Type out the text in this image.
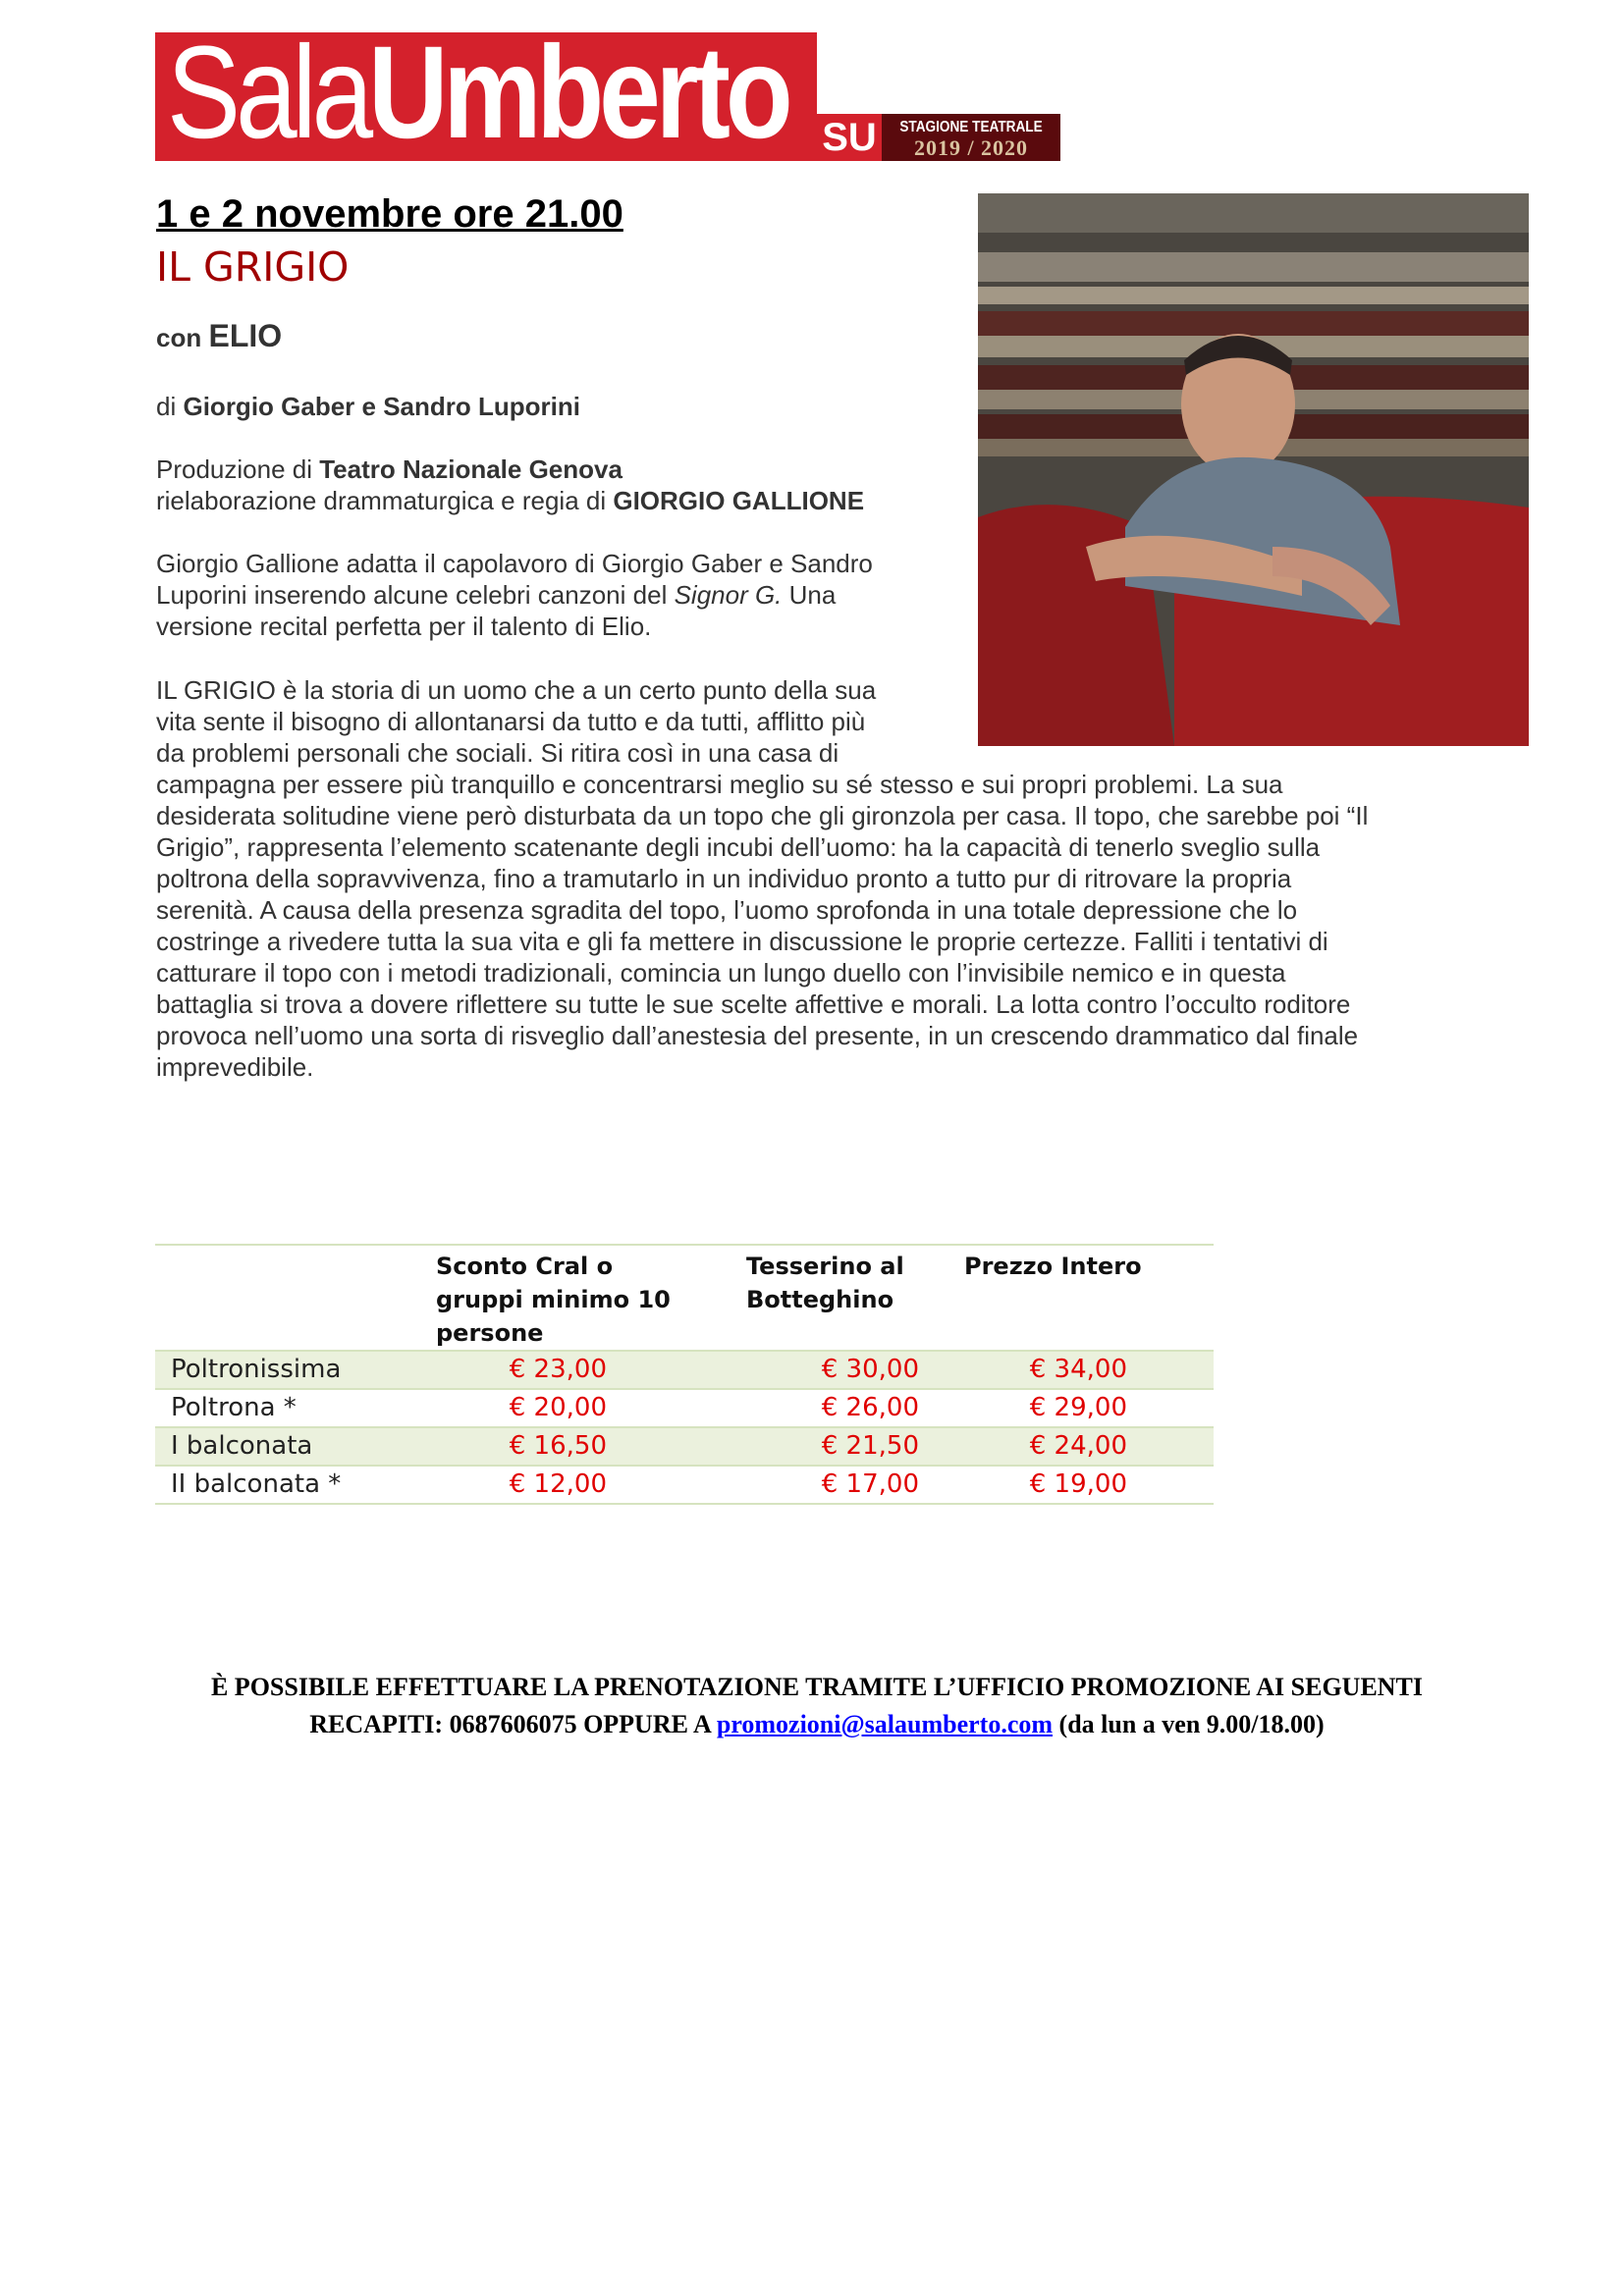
SalaUmberto SU	STAGIONE TEATRALE
2019 / 2020
1 e 2 novembre ore 21.00
IL GRIGIO
con ELIO
di Giorgio Gaber e Sandro Luporini
Produzione di Teatro Nazionale Genova
rielaborazione drammaturgica e regia di GIORGIO GALLIONE
Giorgio Gallione adatta il capolavoro di Giorgio Gaber e Sandro
Luporini inserendo alcune celebri canzoni del Signor G. Una
versione recital perfetta per il talento di Elio.
IL GRIGIO è la storia di un uomo che a un certo punto della sua
vita sente il bisogno di allontanarsi da tutto e da tutti, afflitto più
da problemi personali che sociali. Si ritira così in una casa di
campagna per essere più tranquillo e concentrarsi meglio su sé stesso e sui propri problemi. La sua
desiderata solitudine viene però disturbata da un topo che gli gironzola per casa. Il topo, che sarebbe poi “Il
Grigio”, rappresenta l’elemento scatenante degli incubi dell’uomo: ha la capacità di tenerlo sveglio sulla
poltrona della sopravvivenza, fino a tramutarlo in un individuo pronto a tutto pur di ritrovare la propria
serenità. A causa della presenza sgradita del topo, l’uomo sprofonda in una totale depressione che lo
costringe a rivedere tutta la sua vita e gli fa mettere in discussione le proprie certezze. Falliti i tentativi di
catturare il topo con i metodi tradizionali, comincia un lungo duello con l’invisibile nemico e in questa
battaglia si trova a dovere riflettere su tutte le sue scelte affettive e morali. La lotta contro l’occulto roditore
provoca nell’uomo una sorta di risveglio dall’anestesia del presente, in un crescendo drammatico dal finale
imprevedibile.
	Sconto Cral o gruppi minimo 10 persone	Tesserino al Botteghino	Prezzo Intero
Poltronissima	€ 23,00	€ 30,00	€ 34,00
Poltrona *	€ 20,00	€ 26,00	€ 29,00
I balconata	€ 16,50	€ 21,50	€ 24,00
II balconata *	€ 12,00	€ 17,00	€ 19,00
È POSSIBILE EFFETTUARE LA PRENOTAZIONE TRAMITE L’UFFICIO PROMOZIONE AI SEGUENTI
RECAPITI: 0687606075 OPPURE A promozioni@salaumberto.com (da lun a ven 9.00/18.00)
